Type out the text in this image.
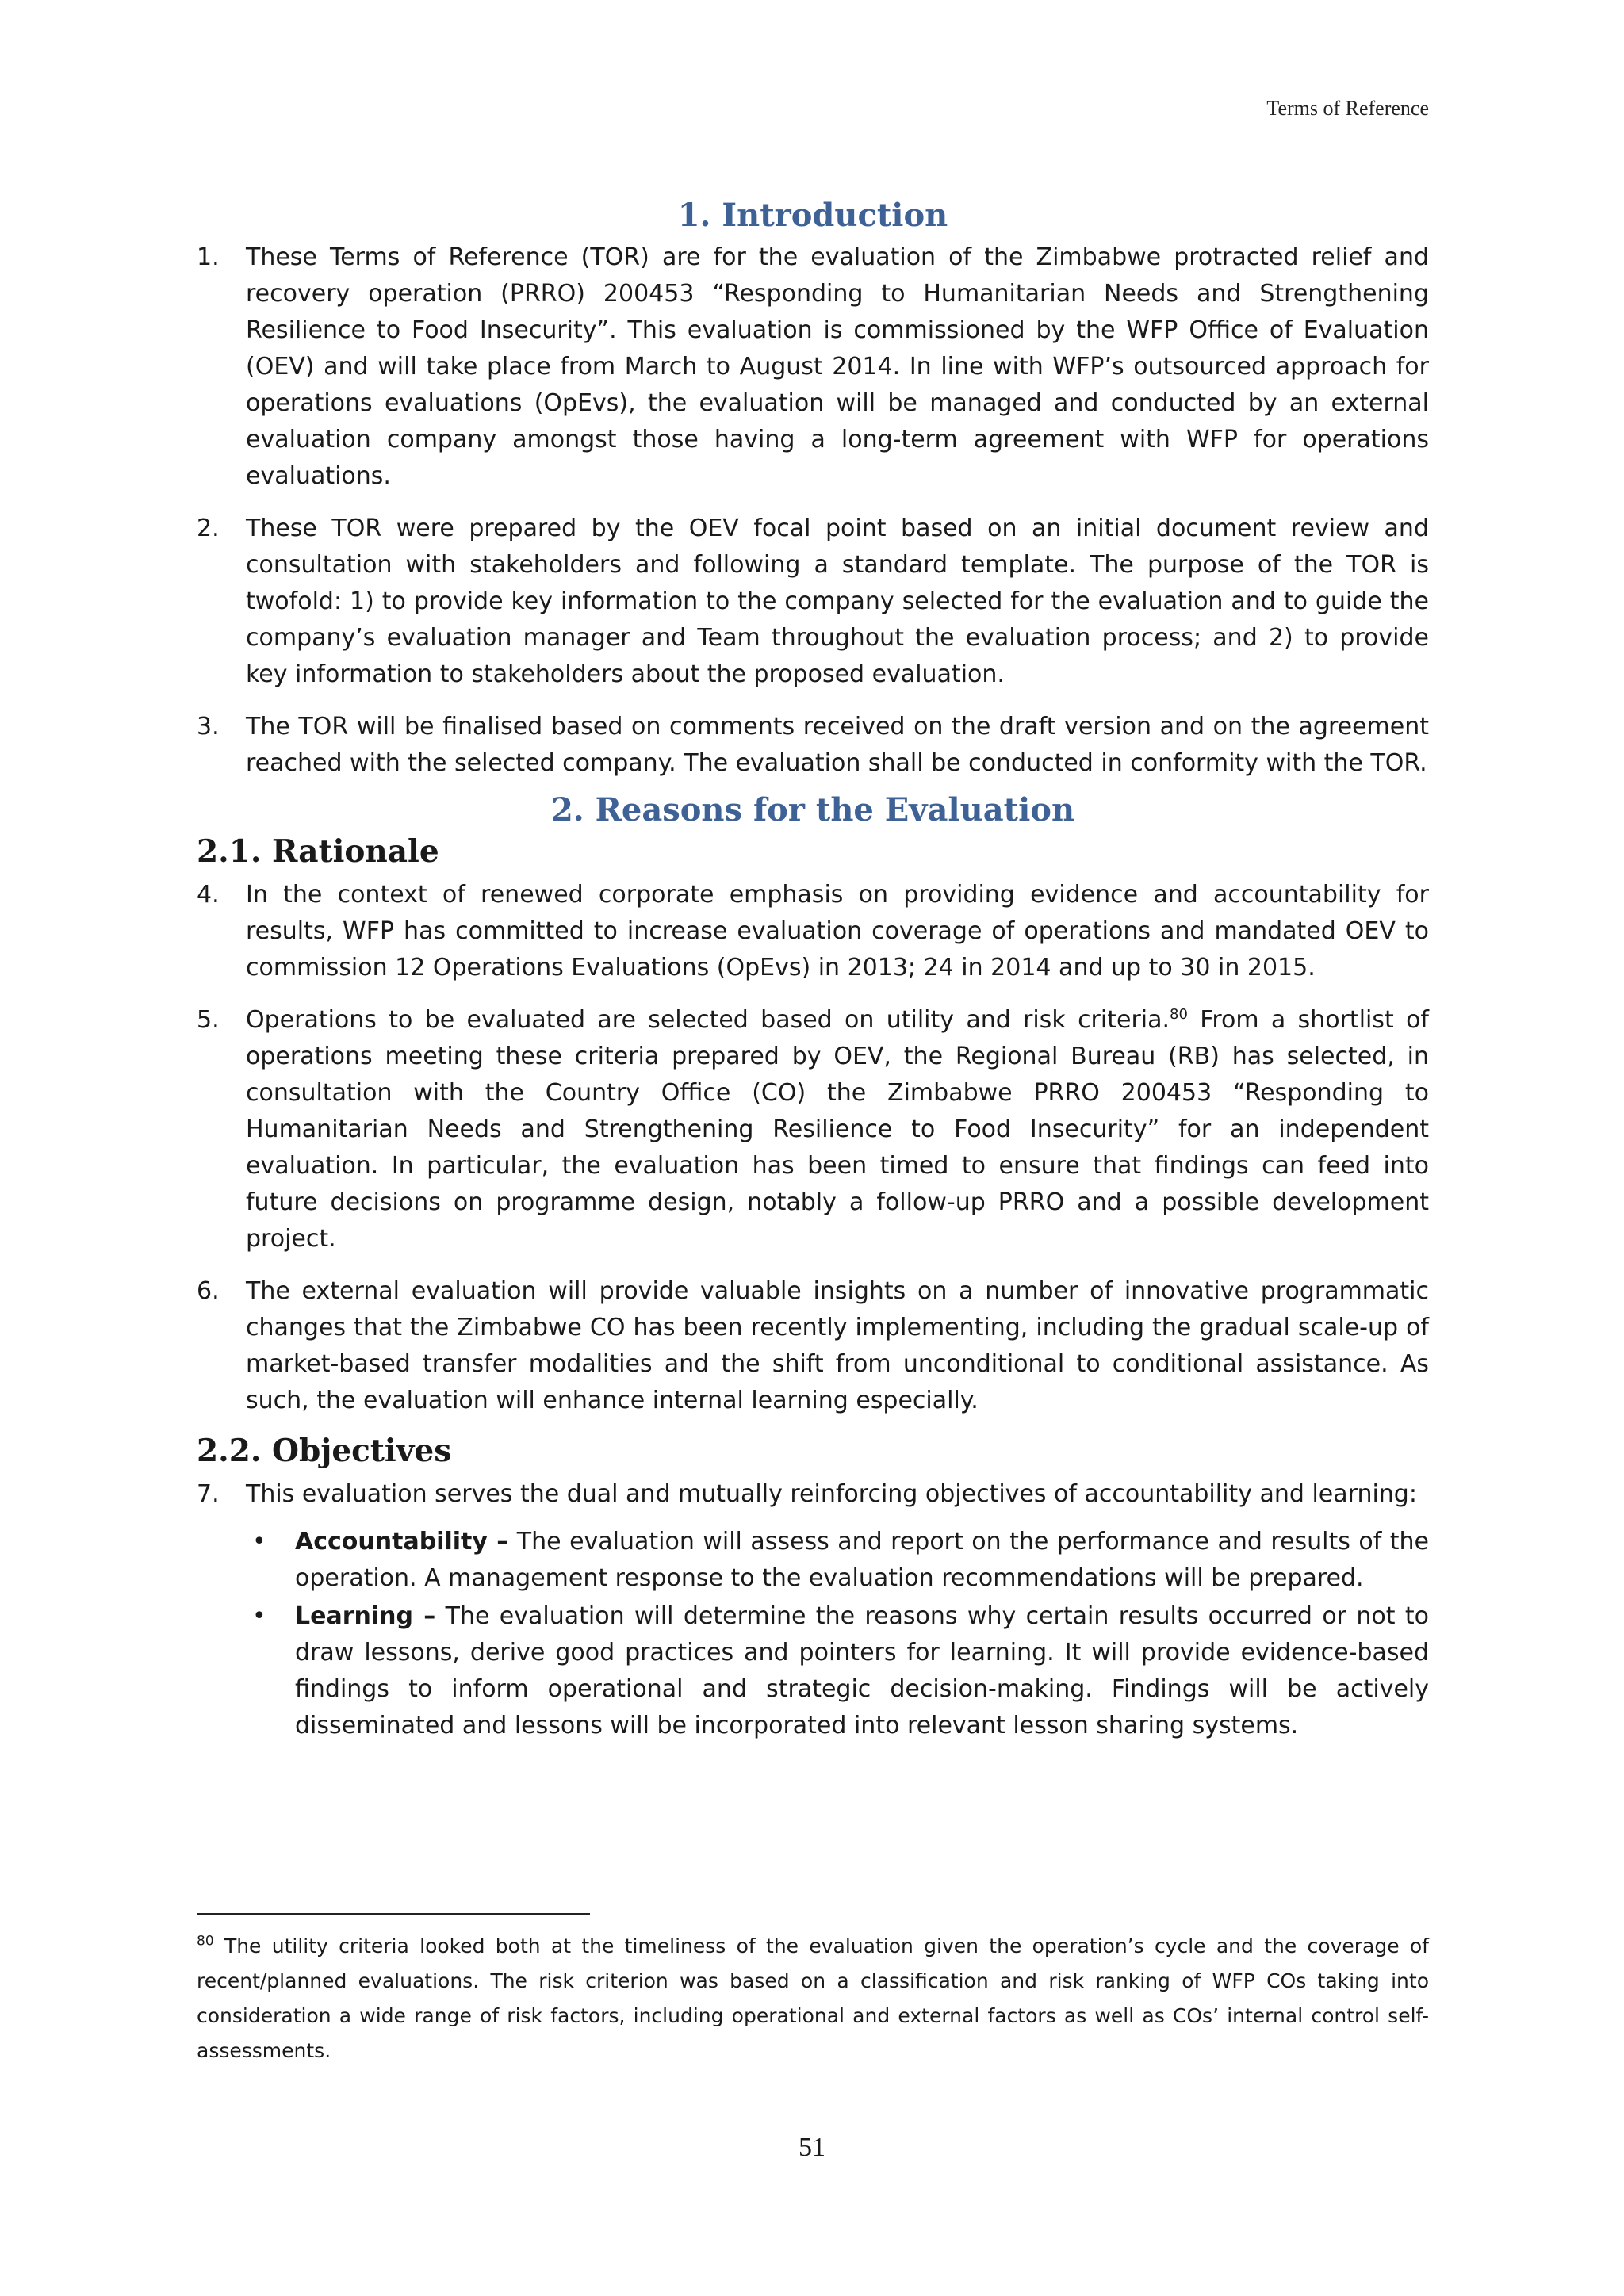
Terms of Reference
1. Introduction
1. These Terms of Reference (TOR) are for the evaluation of the Zimbabwe protracted relief and recovery operation (PRRO) 200453 “Responding to Humanitarian Needs and Strengthening Resilience to Food Insecurity”. This evaluation is commissioned by the WFP Office of Evaluation (OEV) and will take place from March to August 2014. In line with WFP’s outsourced approach for operations evaluations (OpEvs), the evaluation will be managed and conducted by an external evaluation company amongst those having a long-term agreement with WFP for operations evaluations.
2. These TOR were prepared by the OEV focal point based on an initial document review and consultation with stakeholders and following a standard template. The purpose of the TOR is twofold: 1) to provide key information to the company selected for the evaluation and to guide the company’s evaluation manager and Team throughout the evaluation process; and 2) to provide key information to stakeholders about the proposed evaluation.
3. The TOR will be finalised based on comments received on the draft version and on the agreement reached with the selected company. The evaluation shall be conducted in conformity with the TOR.
2. Reasons for the Evaluation
2.1. Rationale
4. In the context of renewed corporate emphasis on providing evidence and accountability for results, WFP has committed to increase evaluation coverage of operations and mandated OEV to commission 12 Operations Evaluations (OpEvs) in 2013; 24 in 2014 and up to 30 in 2015.
5. Operations to be evaluated are selected based on utility and risk criteria.$^{80}$ From a shortlist of operations meeting these criteria prepared by OEV, the Regional Bureau (RB) has selected, in consultation with the Country Office (CO) the Zimbabwe PRRO 200453 “Responding to Humanitarian Needs and Strengthening Resilience to Food Insecurity” for an independent evaluation. In particular, the evaluation has been timed to ensure that findings can feed into future decisions on programme design, notably a follow-up PRRO and a possible development project.
6. The external evaluation will provide valuable insights on a number of innovative programmatic changes that the Zimbabwe CO has been recently implementing, including the gradual scale-up of market-based transfer modalities and the shift from unconditional to conditional assistance. As such, the evaluation will enhance internal learning especially.
2.2. Objectives
7. This evaluation serves the dual and mutually reinforcing objectives of accountability and learning:
• Accountability – The evaluation will assess and report on the performance and results of the operation. A management response to the evaluation recommendations will be prepared.
• Learning – The evaluation will determine the reasons why certain results occurred or not to draw lessons, derive good practices and pointers for learning. It will provide evidence-based findings to inform operational and strategic decision-making. Findings will be actively disseminated and lessons will be incorporated into relevant lesson sharing systems.
$^{80}$ The utility criteria looked both at the timeliness of the evaluation given the operation’s cycle and the coverage of recent/planned evaluations. The risk criterion was based on a classification and risk ranking of WFP COs taking into consideration a wide range of risk factors, including operational and external factors as well as COs’ internal control self-assessments.
51
